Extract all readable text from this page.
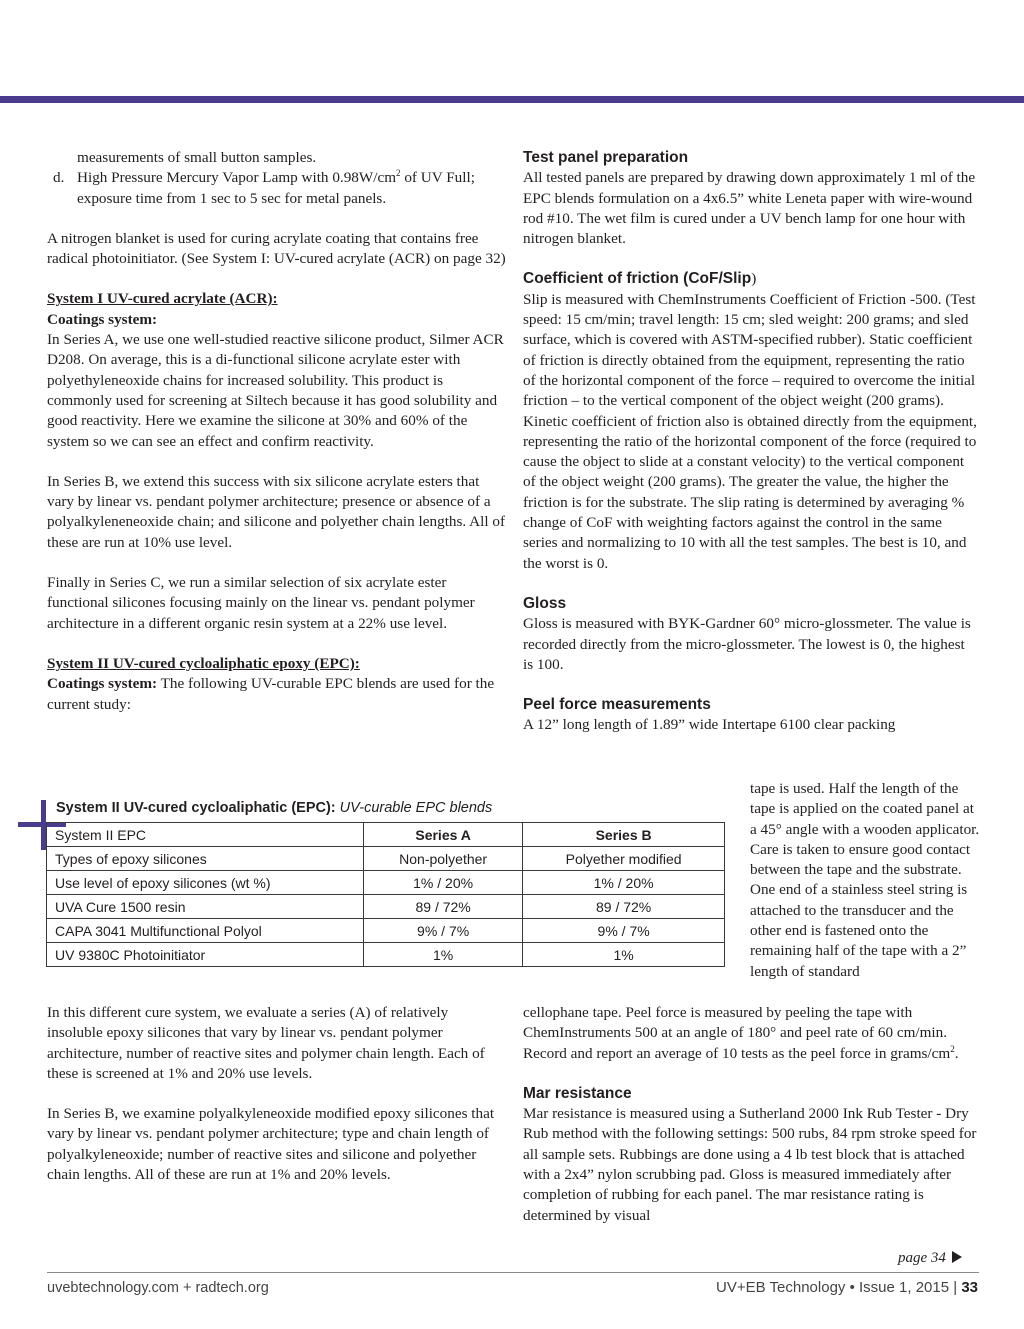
measurements of small button samples.

d. High Pressure Mercury Vapor Lamp with $0.98W/cm^2$ of UV Full; exposure time from 1 sec to 5 sec for metal panels.

A nitrogen blanket is used for curing acrylate coating that contains free radical photoinitiator. (See System I: UV-cured acrylate (ACR) on page 32)

System I UV-cured acrylate (ACR):

Coatings system:

In Series A, we use one well-studied reactive silicone product, Silmer ACR D208. On average, this is a di-functional silicone acrylate ester with polyethyleneoxide chains for increased solubility. This product is commonly used for screening at Siltech because it has good solubility and good reactivity. Here we examine the silicone at 30% and 60% of the system so we can see an effect and confirm reactivity.

In Series B, we extend this success with six silicone acrylate esters that vary by linear vs. pendant polymer architecture; presence or absence of a polyalkyleneneoxide chain; and silicone and polyether chain lengths. All of these are run at 10% use level.

Finally in Series C, we run a similar selection of six acrylate ester functional silicones focusing mainly on the linear vs. pendant polymer architecture in a different organic resin system at a 22% use level.

System II UV-cured cycloaliphatic epoxy (EPC):

Coatings system: The following UV-curable EPC blends are used for the current study:

Test panel preparation

All tested panels are prepared by drawing down approximately 1 ml of the EPC blends formulation on a 4x6.5” white Leneta paper with wire-wound rod #10. The wet film is cured under a UV bench lamp for one hour with nitrogen blanket.

Coefficient of friction (CoF/Slip)

Slip is measured with ChemInstruments Coefficient of Friction -500. (Test speed: 15 cm/min; travel length: 15 cm; sled weight: 200 grams; and sled surface, which is covered with ASTM-specified rubber). Static coefficient of friction is directly obtained from the equipment, representing the ratio of the horizontal component of the force – required to overcome the initial friction – to the vertical component of the object weight (200 grams). Kinetic coefficient of friction also is obtained directly from the equipment, representing the ratio of the horizontal component of the force (required to cause the object to slide at a constant velocity) to the vertical component of the object weight (200 grams). The greater the value, the higher the friction is for the substrate. The slip rating is determined by averaging % change of CoF with weighting factors against the control in the same series and normalizing to 10 with all the test samples. The best is 10, and the worst is 0.

Gloss

Gloss is measured with BYK-Gardner 60° micro-glossmeter. The value is recorded directly from the micro-glossmeter. The lowest is 0, the highest is 100.

Peel force measurements

A 12” long length of 1.89” wide Intertape 6100 clear packing

System II UV-cured cycloaliphatic (EPC): UV-curable EPC blends

System II EPC	Series A	Series B
Types of epoxy silicones	Non-polyether	Polyether modified
Use level of epoxy silicones (wt %)	1% / 20%	1% / 20%
UVA Cure 1500 resin	89 / 72%	89 / 72%
CAPA 3041 Multifunctional Polyol	9% / 7%	9% / 7%
UV 9380C Photoinitiator	1%	1%

tape is used. Half the length of the tape is applied on the coated panel at a 45° angle with a wooden applicator. Care is taken to ensure good contact between the tape and the substrate. One end of a stainless steel string is attached to the transducer and the other end is fastened onto the remaining half of the tape with a 2” length of standard

In this different cure system, we evaluate a series (A) of relatively insoluble epoxy silicones that vary by linear vs. pendant polymer architecture, number of reactive sites and polymer chain length. Each of these is screened at 1% and 20% use levels.

In Series B, we examine polyalkyleneoxide modified epoxy silicones that vary by linear vs. pendant polymer architecture; type and chain length of polyalkyleneoxide; number of reactive sites and silicone and polyether chain lengths. All of these are run at 1% and 20% levels.

cellophane tape. Peel force is measured by peeling the tape with ChemInstruments 500 at an angle of 180° and peel rate of 60 cm/min. Record and report an average of 10 tests as the peel force in grams/$cm^2$.

Mar resistance

Mar resistance is measured using a Sutherland 2000 Ink Rub Tester - Dry Rub method with the following settings: 500 rubs, 84 rpm stroke speed for all sample sets. Rubbings are done using a 4 lb test block that is attached with a 2x4” nylon scrubbing pad. Gloss is measured immediately after completion of rubbing for each panel. The mar resistance rating is determined by visual

page 34
uvebtechnology.com + radtech.org	UV+EB Technology • Issue 1, 2015 | 33
